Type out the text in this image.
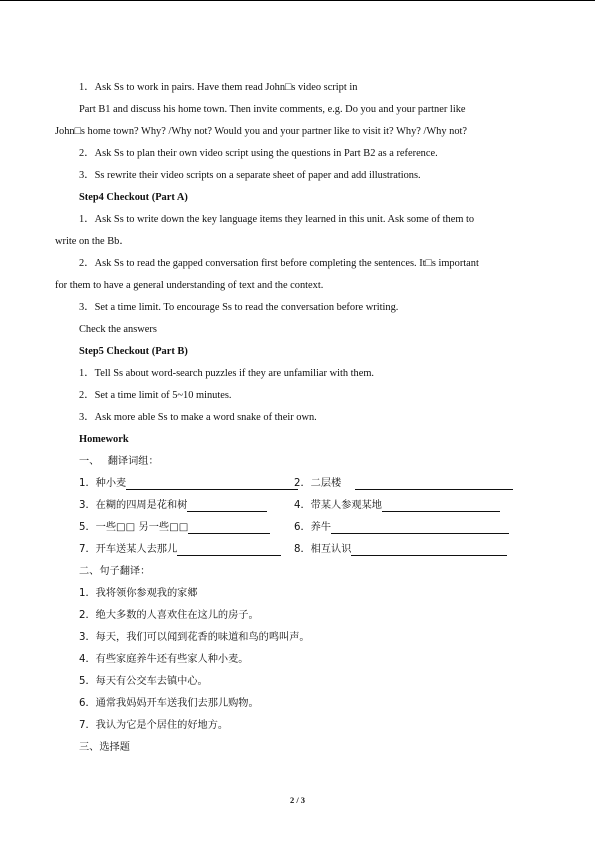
1．Ask Ss to work in pairs. Have them read John□s video script in
Part B1 and discuss his home town. Then invite comments, e.g. Do you and your partner like
John□s home town? Why? /Why not? Would you and your partner like to visit it? Why? /Why not?
2．Ask Ss to plan their own video script using the questions in Part B2 as a reference.
3．Ss rewrite their video scripts on a separate sheet of paper and add illustrations.
Step4 Checkout (Part A)
1．Ask Ss to write down the key language items they learned in this unit. Ask some of them to
write on the Bb．
2．Ask Ss to read the gapped conversation first before completing the sentences. It□s important
for them to have a general understanding of text and the context.
3．Set a time limit. To encourage Ss to read the conversation before writing.
Check the answers
Step5 Checkout (Part B)
1．Tell Ss about word-search puzzles if they are unfamiliar with them.
2．Set a time limit of 5~10 minutes.
3．Ask more able Ss to make a word snake of their own.
Homework
一、　 翻译词组：
1．种小麦	2．二层楼
3．在糊的四周是花和树	4．带某人参观某地
5．一些□□ 另一些□□	6．养牛
7．开车送某人去那儿	8．相互认识
二、句子翻译：
1．我将领你参观我的家郷
2．绝大多数的人喜欢住在这儿的房子。
3．每天，我们可以闻到花香的味道和鸟的鸣叫声。
4．有些家庭养牛还有些家人种小麦。
5．每天有公交车去镇中心。
6．通常我妈妈开车送我们去那儿购物。
7．我认为它是个居住的好地方。
三、选择题
2 / 3
